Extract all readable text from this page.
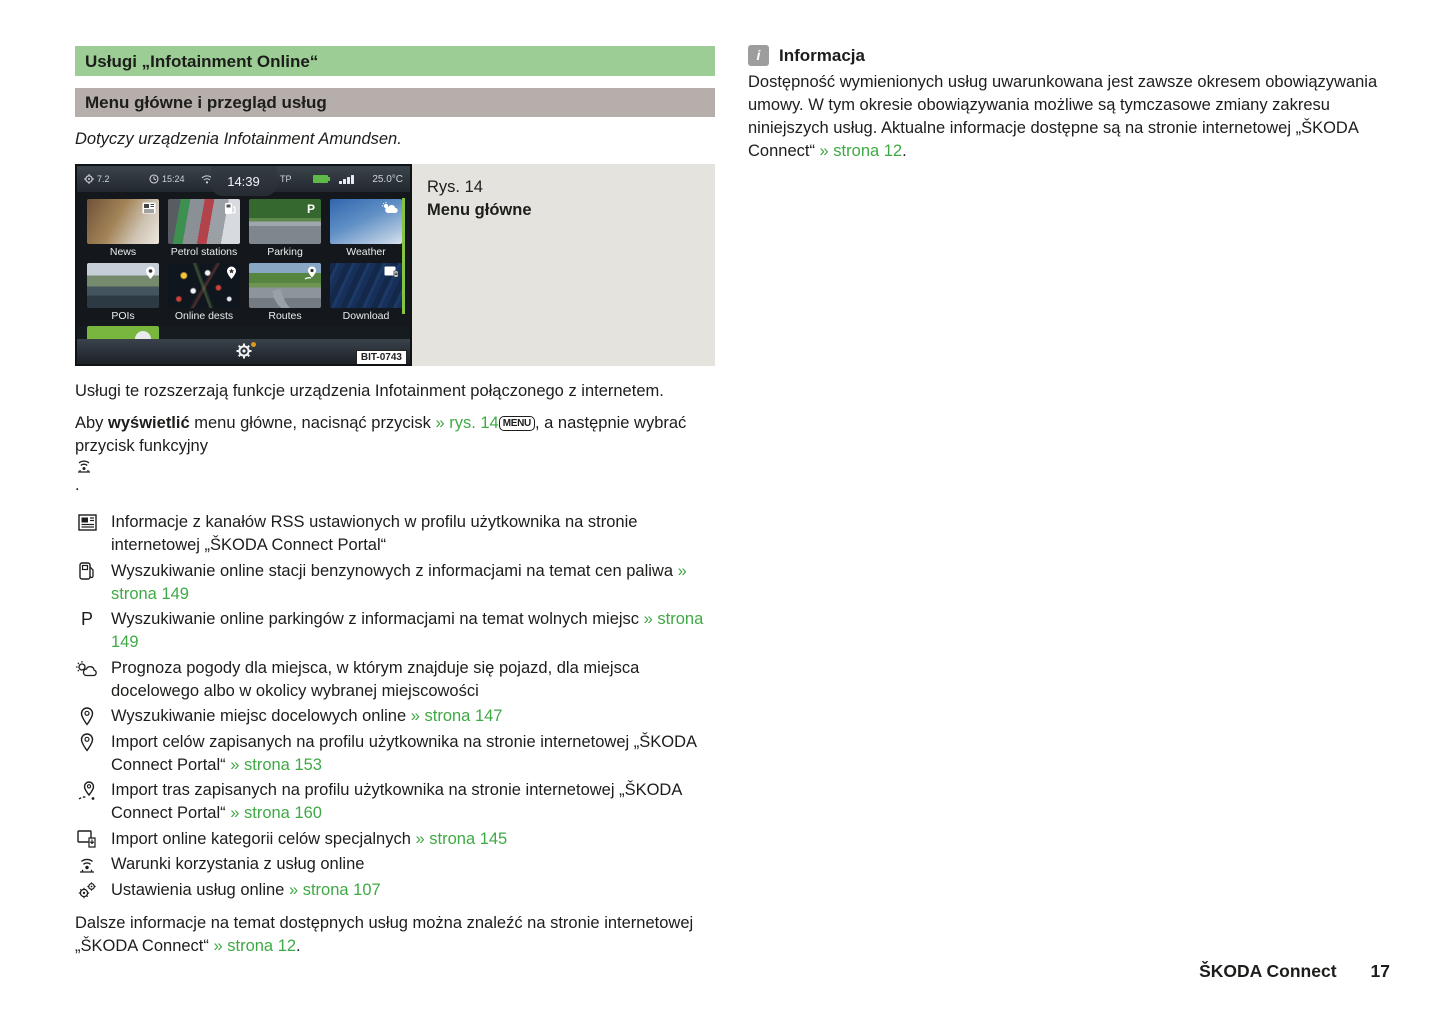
Usługi „Infotainment Online“
Menu główne i przegląd usług

Dotyczy urządzenia Infotainment Amundsen.

7.2	15:24	14:39	TP	25.0°C
News	Petrol stations
P
Parking	Weather
POIs	Online dests	Routes	Download
BIT-0743
Rys. 14
Menu główne

Usługi te rozszerzają funkcje urządzenia Infotainment połączonego z internetem.

Aby wyświetlić menu główne, nacisnąć przycisk » rys. 14 MENU , a następnie wybrać przycisk funkcyjny
.

Informacje z kanałów RSS ustawionych w profilu użytkownika na stronie internetowej „ŠKODA Connect Portal“
Wyszukiwanie online stacji benzynowych z informacjami na temat cen paliwa » strona 149
P Wyszukiwanie online parkingów z informacjami na temat wolnych miejsc » strona 149
Prognoza pogody dla miejsca, w którym znajduje się pojazd, dla miejsca docelowego albo w okolicy wybranej miejscowości
Wyszukiwanie miejsc docelowych online » strona 147
Import celów zapisanych na profilu użytkownika na stronie internetowej „ŠKODA Connect Portal“ » strona 153
Import tras zapisanych na profilu użytkownika na stronie internetowej „ŠKODA Connect Portal“ » strona 160
Import online kategorii celów specjalnych » strona 145
Warunki korzystania z usług online
Ustawienia usług online » strona 107

Dalsze informacje na temat dostępnych usług można znaleźć na stronie internetowej „ŠKODA Connect“ » strona 12.

i	Informacja

Dostępność wymienionych usług uwarunkowana jest zawsze okresem obowiązywania umowy. W tym okresie obowiązywania możliwe są tymczasowe zmiany zakresu niniejszych usług. Aktualne informacje dostępne są na stronie internetowej „ŠKODA Connect“ » strona 12.

ŠKODA Connect 17
